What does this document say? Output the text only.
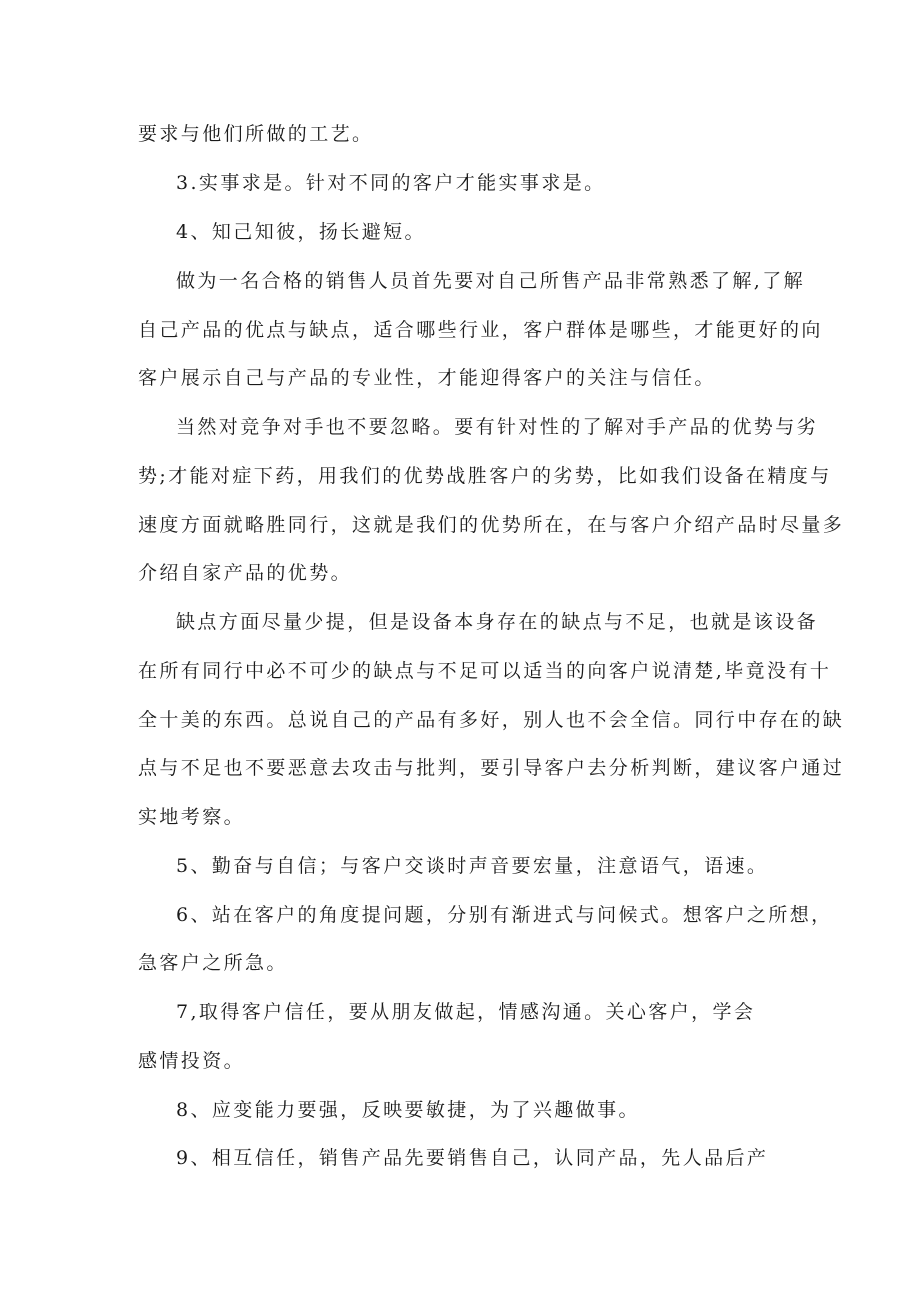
要求与他们所做的工艺。
3.实事求是。针对不同的客户才能实事求是。
4、知己知彼，扬长避短。
做为一名合格的销售人员首先要对自己所售产品非常熟悉了解,了解
自己产品的优点与缺点，适合哪些行业，客户群体是哪些，才能更好的向
客户展示自己与产品的专业性，才能迎得客户的关注与信任。
当然对竞争对手也不要忽略。要有针对性的了解对手产品的优势与劣
势;才能对症下药，用我们的优势战胜客户的劣势，比如我们设备在精度与
速度方面就略胜同行，这就是我们的优势所在，在与客户介绍产品时尽量多
介绍自家产品的优势。
缺点方面尽量少提，但是设备本身存在的缺点与不足，也就是该设备
在所有同行中必不可少的缺点与不足可以适当的向客户说清楚,毕竟没有十
全十美的东西。总说自己的产品有多好，别人也不会全信。同行中存在的缺
点与不足也不要恶意去攻击与批判，要引导客户去分析判断，建议客户通过
实地考察。
5、勤奋与自信；与客户交谈时声音要宏量，注意语气，语速。
6、站在客户的角度提问题，分别有渐进式与问候式。想客户之所想，
急客户之所急。
7,取得客户信任，要从朋友做起，情感沟通。关心客户，学会
感情投资。
8、应变能力要强，反映要敏捷，为了兴趣做事。
9、相互信任，销售产品先要销售自己，认同产品，先人品后产
